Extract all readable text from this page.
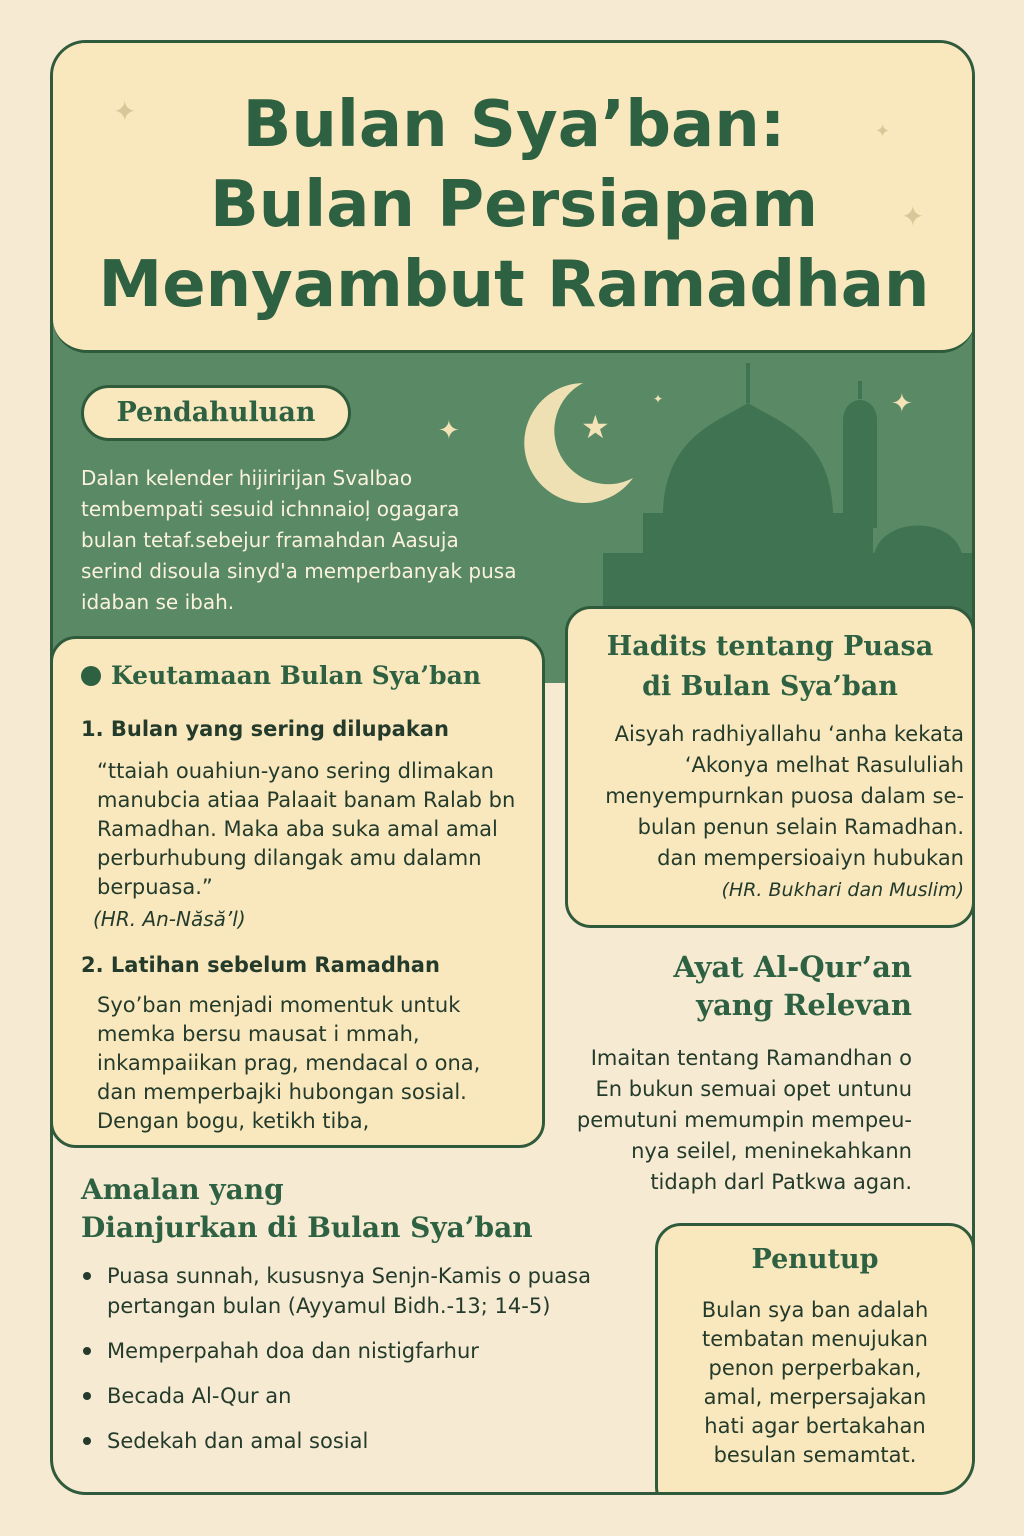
Bulan Sya’ban:
Bulan Persiapam
Menyambut Ramadhan
✦
✦
✦
★
✦
✦
✦
Pendahuluan

Dalan kelender hijiririjan Svalbao

tembempati sesuid ichnnaioļ ogagara

bulan tetaf.sebejur framahdan Aasuja

serind disoula sinyd'a memperbanyak pusa

idaban se ibah.

Keutamaan Bulan Sya’ban

1. Bulan yang sering dilupakan

“ttaiah ouahiun-yano sering dlimakan
manubcia atiaa Palaait banam Ralab bn
Ramadhan. Maka aba suka amal amal
perburhubung dilangak amu dalamn
berpuasa.”

(HR. An-Năsă’l)

2. Latihan sebelum Ramadhan

Syo’ban menjadi momentuk untuk
memka bersu mausat i mmah,
inkampaiikan prag, mendacal o ona,
dan memperbajki hubongan sosial.
Dengan bogu, ketikh tiba,

Hadits tentang Puasa
di Bulan Sya’ban

Aisyah radhiyallahu ‘anha kekata
‘Akonya melhat Rasululiah
menyempurnkan puosa dalam se-
bulan penun selain Ramadhan.
dan mempersioaiyn hubukan

(HR. Bukhari dan Muslim)

Ayat Al-Qur’an
yang Relevan

Imaitan tentang Ramandhan o
En bukun semuai opet untunu
pemutuni memumpin mempeu-
nya seilel, meninekahkann
tidaph darl Patkwa agan.

Amalan yang
Dianjurkan di Bulan Sya’ban
Puasa sunnah, kususnya Senjn-Kamis o puasa pertangan bulan (Ayyamul Bidh.-13; 14-5)
Memperpahah doa dan nistigfarhur
Becada Al-Qur an
Sedekah dan amal sosial
Penutup

Bulan sya ban adalah
tembatan menujukan
penon perperbakan,
amal, merpersajakan
hati agar bertakahan
besulan semamtat.
